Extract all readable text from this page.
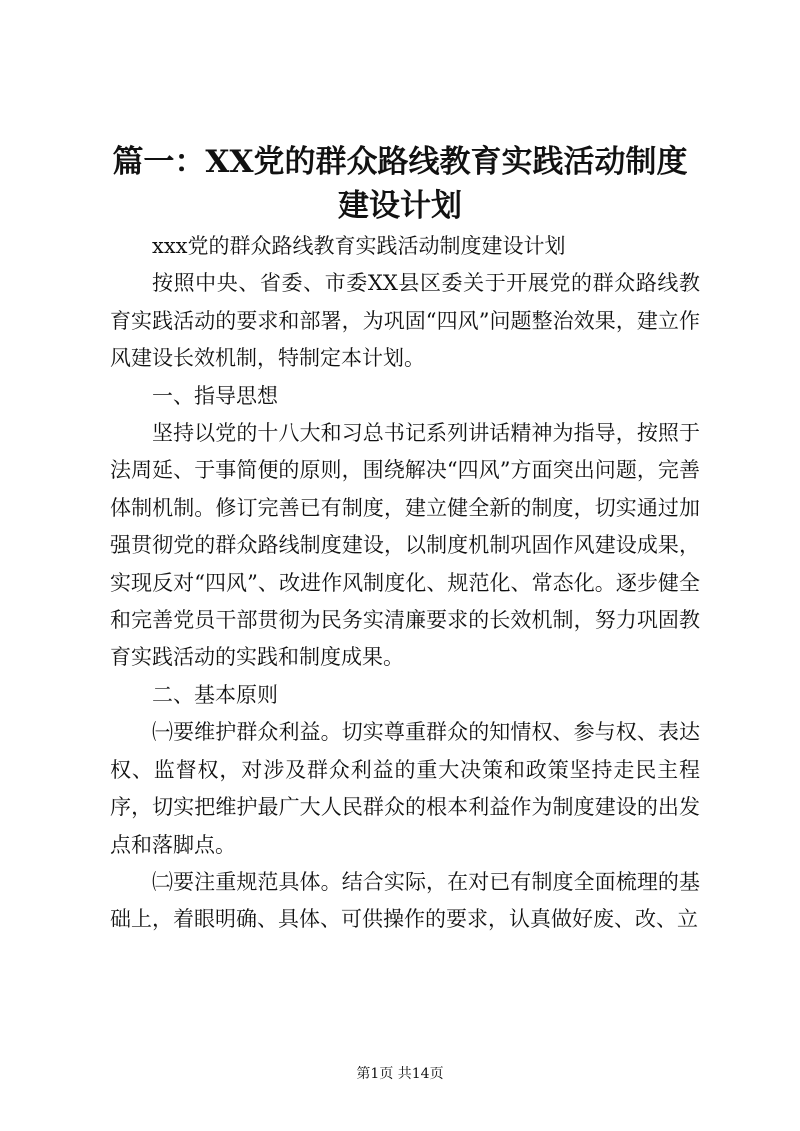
篇一：XX党的群众路线教育实践活动制度建设计划

xxx党的群众路线教育实践活动制度建设计划

按照中央、省委、市委XX县区委关于开展党的群众路线教育实践活动的要求和部署，为巩固“四风”问题整治效果，建立作风建设长效机制，特制定本计划。

一、指导思想

坚持以党的十八大和习总书记系列讲话精神为指导，按照于法周延、于事简便的原则，围绕解决“四风”方面突出问题，完善体制机制。修订完善已有制度，建立健全新的制度，切实通过加强贯彻党的群众路线制度建设，以制度机制巩固作风建设成果，实现反对“四风”、改进作风制度化、规范化、常态化。逐步健全和完善党员干部贯彻为民务实清廉要求的长效机制，努力巩固教育实践活动的实践和制度成果。

二、基本原则

㈠要维护群众利益。切实尊重群众的知情权、参与权、表达权、监督权，对涉及群众利益的重大决策和政策坚持走民主程序，切实把维护最广大人民群众的根本利益作为制度建设的出发点和落脚点。

㈡要注重规范具体。结合实际，在对已有制度全面梳理的基础上，着眼明确、具体、可供操作的要求，认真做好废、改、立

第1页 共14页
